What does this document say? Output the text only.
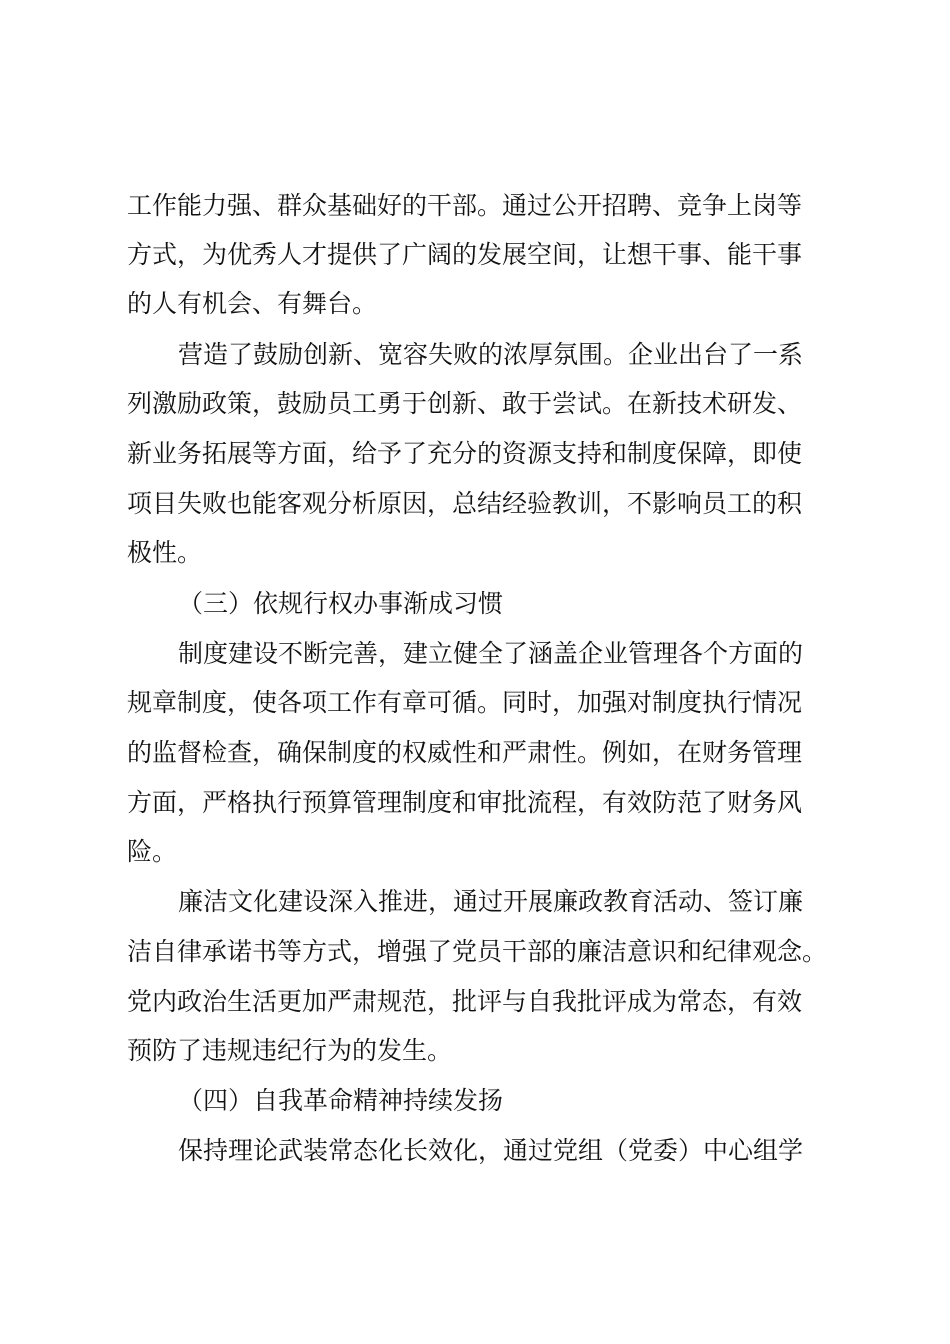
工作能力强、群众基础好的干部。通过公开招聘、竞争上岗等
方式，为优秀人才提供了广阔的发展空间，让想干事、能干事
的人有机会、有舞台。
营造了鼓励创新、宽容失败的浓厚氛围。企业出台了一系
列激励政策，鼓励员工勇于创新、敢于尝试。在新技术研发、
新业务拓展等方面，给予了充分的资源支持和制度保障，即使
项目失败也能客观分析原因，总结经验教训，不影响员工的积
极性。
（三）依规行权办事渐成习惯
制度建设不断完善，建立健全了涵盖企业管理各个方面的
规章制度，使各项工作有章可循。同时，加强对制度执行情况
的监督检查，确保制度的权威性和严肃性。例如，在财务管理
方面，严格执行预算管理制度和审批流程，有效防范了财务风
险。
廉洁文化建设深入推进，通过开展廉政教育活动、签订廉
洁自律承诺书等方式，增强了党员干部的廉洁意识和纪律观念。
党内政治生活更加严肃规范，批评与自我批评成为常态，有效
预防了违规违纪行为的发生。
（四）自我革命精神持续发扬
保持理论武装常态化长效化，通过党组（党委）中心组学
